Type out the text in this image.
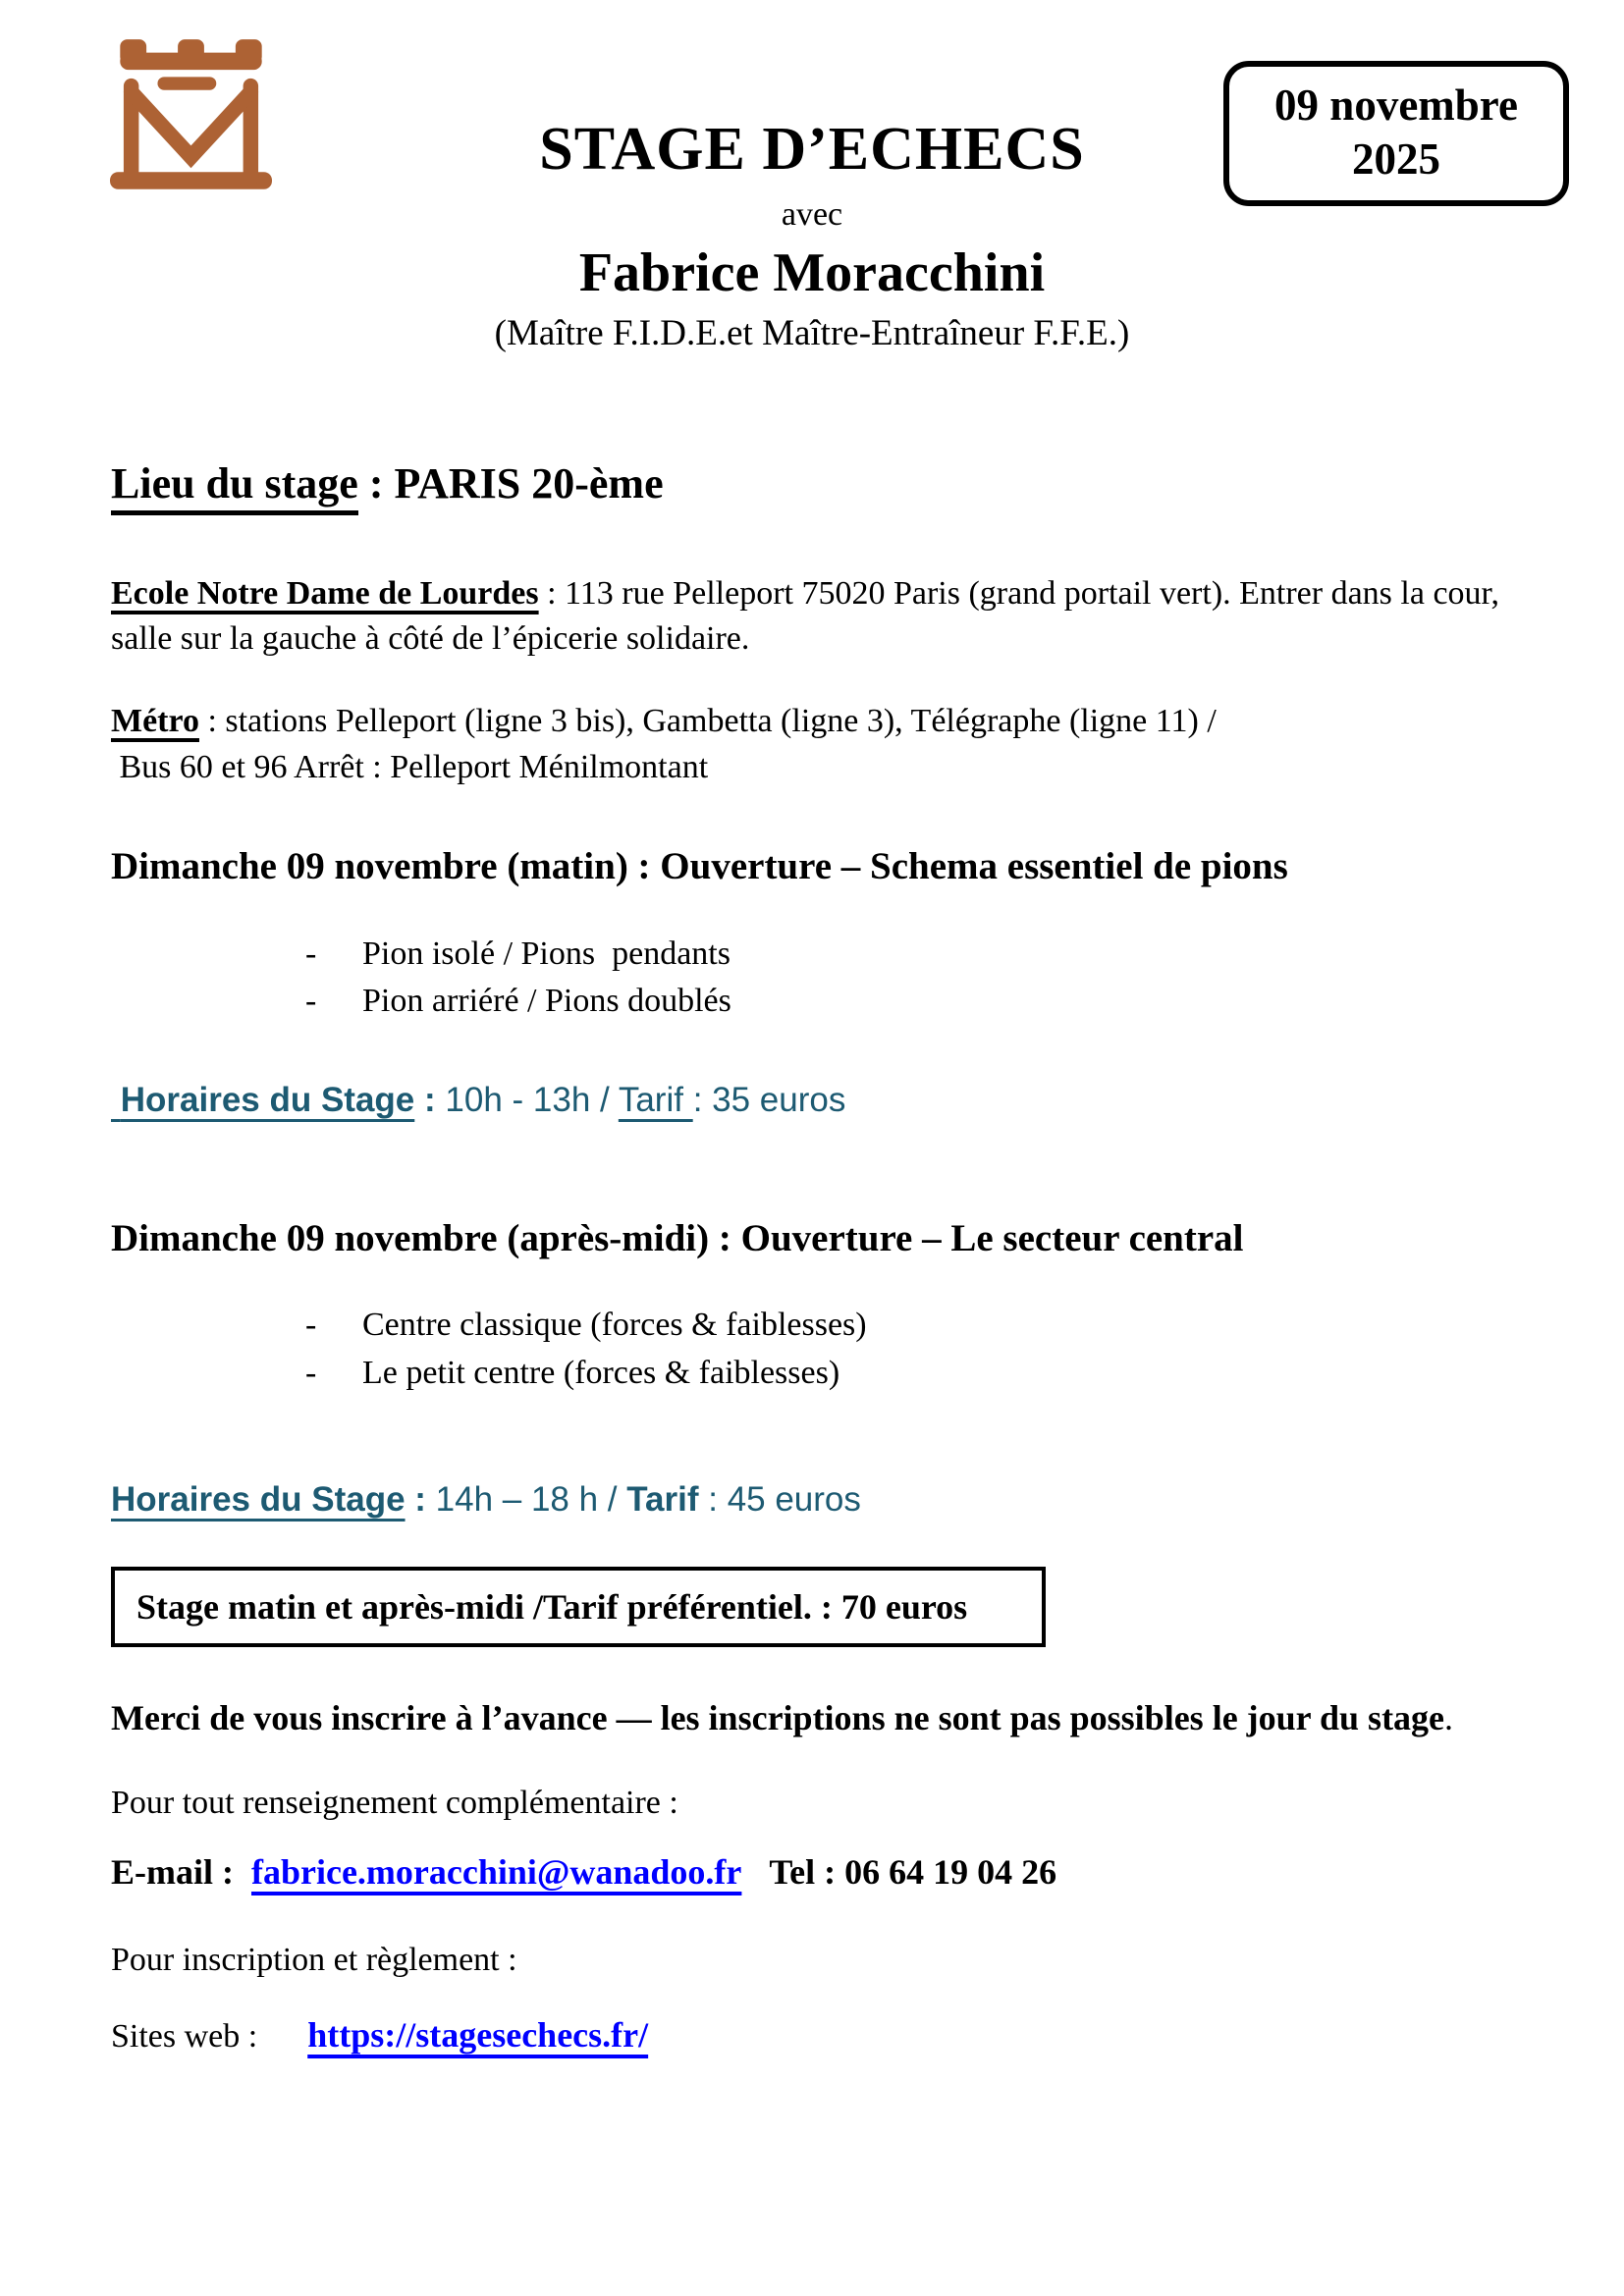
09 novembre
2025
STAGE D’ECHECS
avec
Fabrice Moracchini
(Maître F.I.D.E.et Maître-Entraîneur F.F.E.)
Lieu du stage : PARIS 20-ème

Ecole Notre Dame de Lourdes : 113 rue Pelleport 75020 Paris (grand portail vert). Entrer dans la cour, salle sur la gauche à côté de l’épicerie solidaire.

Métro : stations Pelleport (ligne 3 bis), Gambetta (ligne 3), Télégraphe (ligne 11) /
Bus 60 et 96 Arrêt : Pelleport Ménilmontant

Dimanche 09 novembre (matin) : Ouverture – Schema essentiel de pions
-	Pion isolé / Pions  pendants
-	Pion arriéré / Pions doublés
Horaires du Stage : 10h - 13h / Tarif : 35 euros
Dimanche 09 novembre (après-midi) : Ouverture – Le secteur central
-	Centre classique (forces & faiblesses)
-	Le petit centre (forces & faiblesses)
Horaires du Stage : 14h – 18 h / Tarif : 45 euros
Stage matin et après-midi /Tarif préférentiel. : 70 euros
Merci de vous inscrire à l’avance — les inscriptions ne sont pas possibles le jour du stage.

Pour tout renseignement complémentaire :

E-mail :  fabrice.moracchini@wanadoo.fr Tel : 06 64 19 04 26

Pour inscription et règlement :

Sites web :  https://stagesechecs.fr/
